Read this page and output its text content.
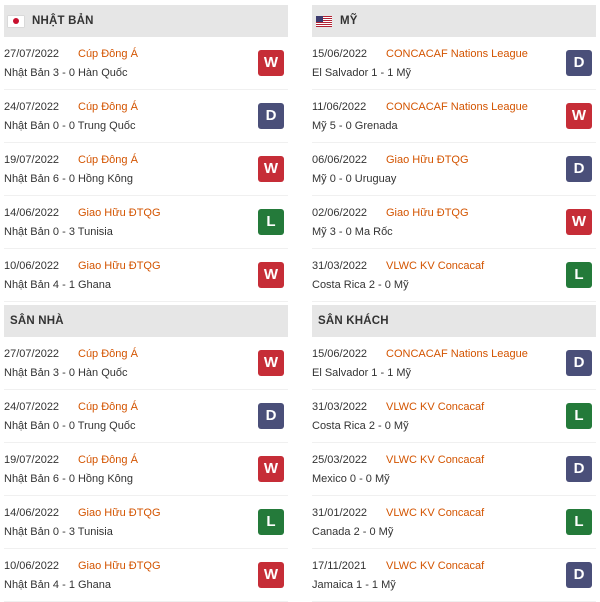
NHẬT BẢN
27/07/2022 Cúp Đông Á
Nhật Bản 3 - 0 Hàn Quốc
W
24/07/2022 Cúp Đông Á
Nhật Bản 0 - 0 Trung Quốc
D
19/07/2022 Cúp Đông Á
Nhật Bản 6 - 0 Hồng Kông
W
14/06/2022 Giao Hữu ĐTQG
Nhật Bản 0 - 3 Tunisia
L
10/06/2022 Giao Hữu ĐTQG
Nhật Bản 4 - 1 Ghana
W
MỸ
15/06/2022 CONCACAF Nations League
El Salvador 1 - 1 Mỹ
D
11/06/2022 CONCACAF Nations League
Mỹ 5 - 0 Grenada
W
06/06/2022 Giao Hữu ĐTQG
Mỹ 0 - 0 Uruguay
D
02/06/2022 Giao Hữu ĐTQG
Mỹ 3 - 0 Ma Rốc
W
31/03/2022 VLWC KV Concacaf
Costa Rica 2 - 0 Mỹ
L
SÂN NHÀ
27/07/2022 Cúp Đông Á
Nhật Bản 3 - 0 Hàn Quốc
W
24/07/2022 Cúp Đông Á
Nhật Bản 0 - 0 Trung Quốc
D
19/07/2022 Cúp Đông Á
Nhật Bản 6 - 0 Hồng Kông
W
14/06/2022 Giao Hữu ĐTQG
Nhật Bản 0 - 3 Tunisia
L
10/06/2022 Giao Hữu ĐTQG
Nhật Bản 4 - 1 Ghana
W
SÂN KHÁCH
15/06/2022 CONCACAF Nations League
El Salvador 1 - 1 Mỹ
D
31/03/2022 VLWC KV Concacaf
Costa Rica 2 - 0 Mỹ
L
25/03/2022 VLWC KV Concacaf
Mexico 0 - 0 Mỹ
D
31/01/2022 VLWC KV Concacaf
Canada 2 - 0 Mỹ
L
17/11/2021 VLWC KV Concacaf
Jamaica 1 - 1 Mỹ
D
